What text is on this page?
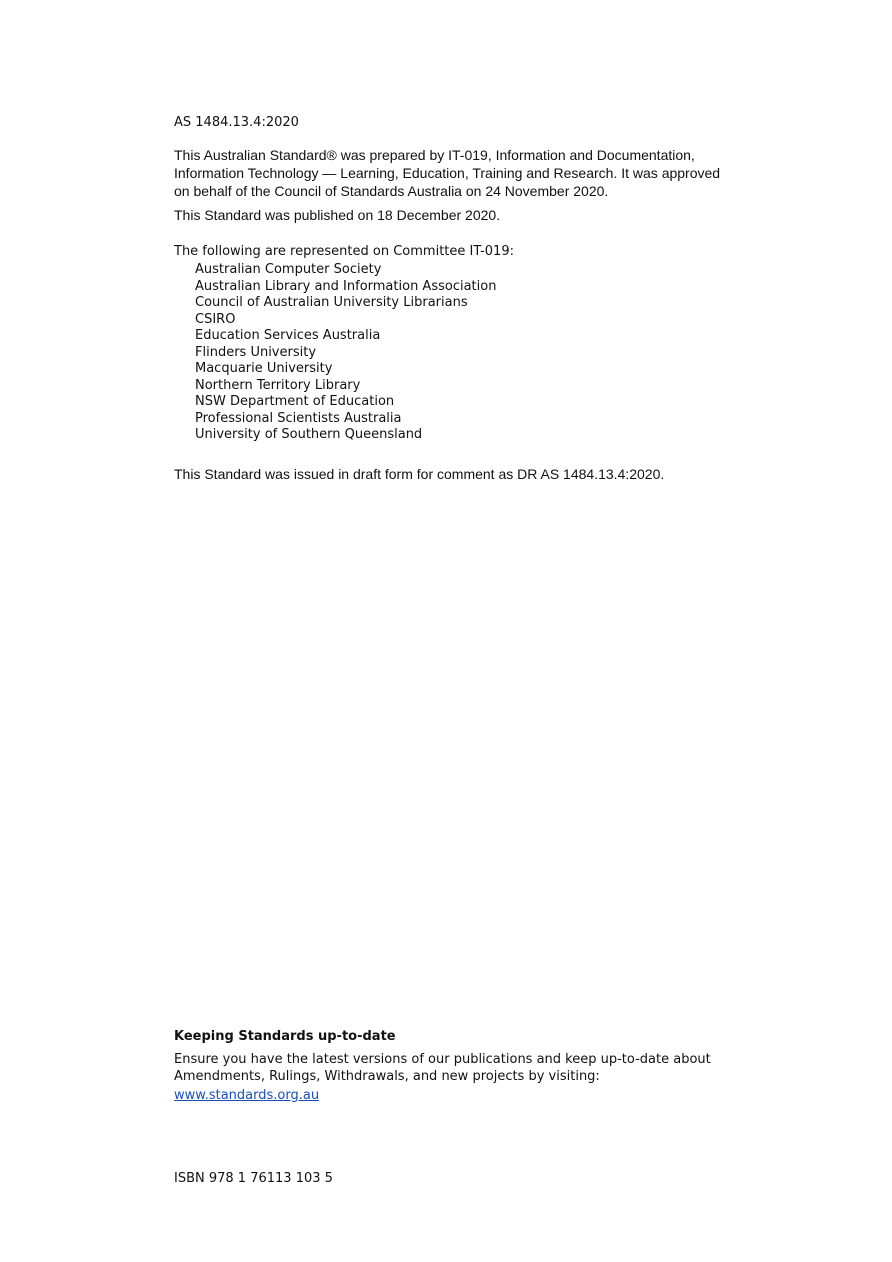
AS 1484.13.4:2020
This Australian Standard® was prepared by IT-019, Information and Documentation, Information Technology — Learning, Education, Training and Research. It was approved on behalf of the Council of Standards Australia on 24 November 2020.
This Standard was published on 18 December 2020.
The following are represented on Committee IT-019:
Australian Computer Society
Australian Library and Information Association
Council of Australian University Librarians
CSIRO
Education Services Australia
Flinders University
Macquarie University
Northern Territory Library
NSW Department of Education
Professional Scientists Australia
University of Southern Queensland
This Standard was issued in draft form for comment as DR AS 1484.13.4:2020.
Keeping Standards up-to-date
Ensure you have the latest versions of our publications and keep up-to-date about Amendments, Rulings, Withdrawals, and new projects by visiting:
www.standards.org.au
ISBN 978 1 76113 103 5
